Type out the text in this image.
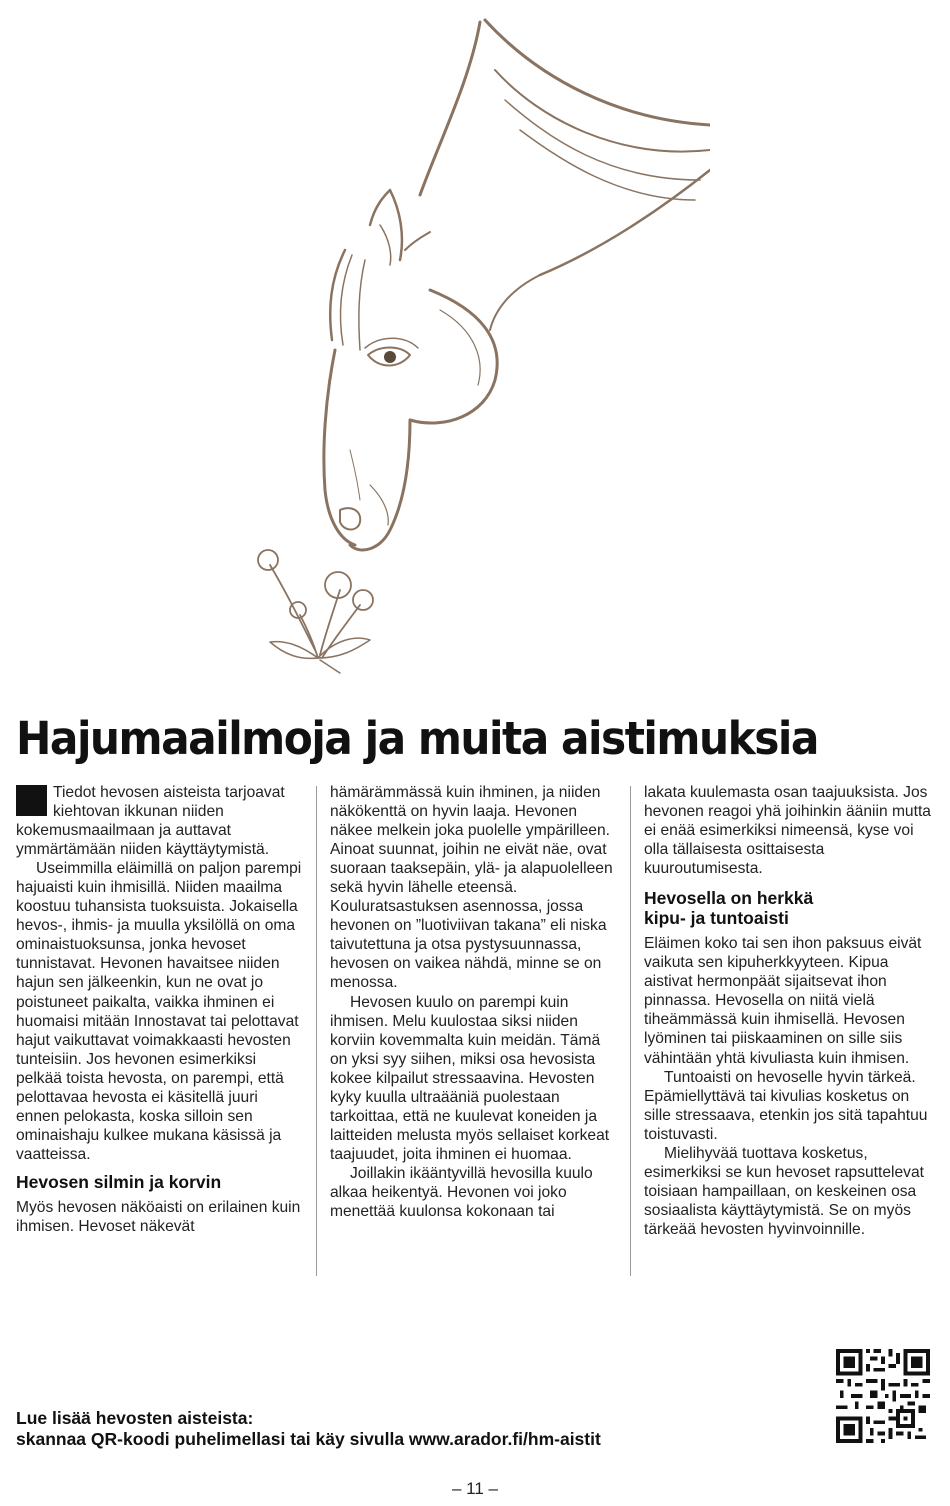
Hajumaailmoja ja muita aistimuksia

Tiedot hevosen aisteista tarjoavat kiehtovan ikkunan niiden kokemusmaailmaan ja auttavat ymmärtämään niiden käyttäytymistä.

Useimmilla eläimillä on paljon parempi hajuaisti kuin ihmisillä. Niiden maailma koostuu tuhansista tuoksuista. Jokaisella hevos-, ihmis- ja muulla yksilöllä on oma ominaistuoksunsa, jonka hevoset tunnistavat. Hevonen havaitsee niiden hajun sen jälkeenkin, kun ne ovat jo poistuneet paikalta, vaikka ihminen ei huomaisi mitään Innostavat tai pelottavat hajut vaikuttavat voimakkaasti hevosten tunteisiin. Jos hevonen esimerkiksi pelkää toista hevosta, on parempi, että pelottavaa hevosta ei käsitellä juuri ennen pelokasta, koska silloin sen ominaishaju kulkee mukana käsissä ja vaatteissa.

Hevosen silmin ja korvin

Myös hevosen näköaisti on erilainen kuin ihmisen. Hevoset näkevät

hämärämmässä kuin ihminen, ja niiden näkökenttä on hyvin laaja. Hevonen näkee melkein joka puolelle ympärilleen. Ainoat suunnat, joihin ne eivät näe, ovat suoraan taaksepäin, ylä- ja alapuolelleen sekä hyvin lähelle eteensä. Kouluratsastuksen asennossa, jossa hevonen on ”luotiviivan takana” eli niska taivutettuna ja otsa pystysuunnassa, hevosen on vaikea nähdä, minne se on menossa.

Hevosen kuulo on parempi kuin ihmisen. Melu kuulostaa siksi niiden korviin kovemmalta kuin meidän. Tämä on yksi syy siihen, miksi osa hevosista kokee kilpailut stressaavina. Hevosten kyky kuulla ultraääniä puolestaan tarkoittaa, että ne kuulevat koneiden ja laitteiden melusta myös sellaiset korkeat taajuudet, joita ihminen ei huomaa.

Joillakin ikääntyvillä hevosilla kuulo alkaa heikentyä. Hevonen voi joko menettää kuulonsa kokonaan tai

lakata kuulemasta osan taajuuksista. Jos hevonen reagoi yhä joihinkin ääniin mutta ei enää esimerkiksi nimeensä, kyse voi olla tällaisesta osittaisesta kuuroutumisesta.

Hevosella on herkkä
kipu- ja tuntoaisti

Eläimen koko tai sen ihon paksuus eivät vaikuta sen kipuherkkyyteen. Kipua aistivat hermonpäät sijaitsevat ihon pinnassa. Hevosella on niitä vielä tiheämmässä kuin ihmisellä. Hevosen lyöminen tai piiskaaminen on sille siis vähintään yhtä kivuliasta kuin ihmisen.

Tuntoaisti on hevoselle hyvin tärkeä. Epämiellyttävä tai kivulias kosketus on sille stressaava, etenkin jos sitä tapahtuu toistuvasti.

Mielihyvää tuottava kosketus, esimerkiksi se kun hevoset rapsuttelevat toisiaan hampaillaan, on keskeinen osa sosiaalista käyttäytymistä. Se on myös tärkeää hevosten hyvinvoinnille.

Lue lisää hevosten aisteista:
skannaa QR-koodi puhelimellasi tai käy sivulla www.arador.fi/hm-aistit
– 11 –
